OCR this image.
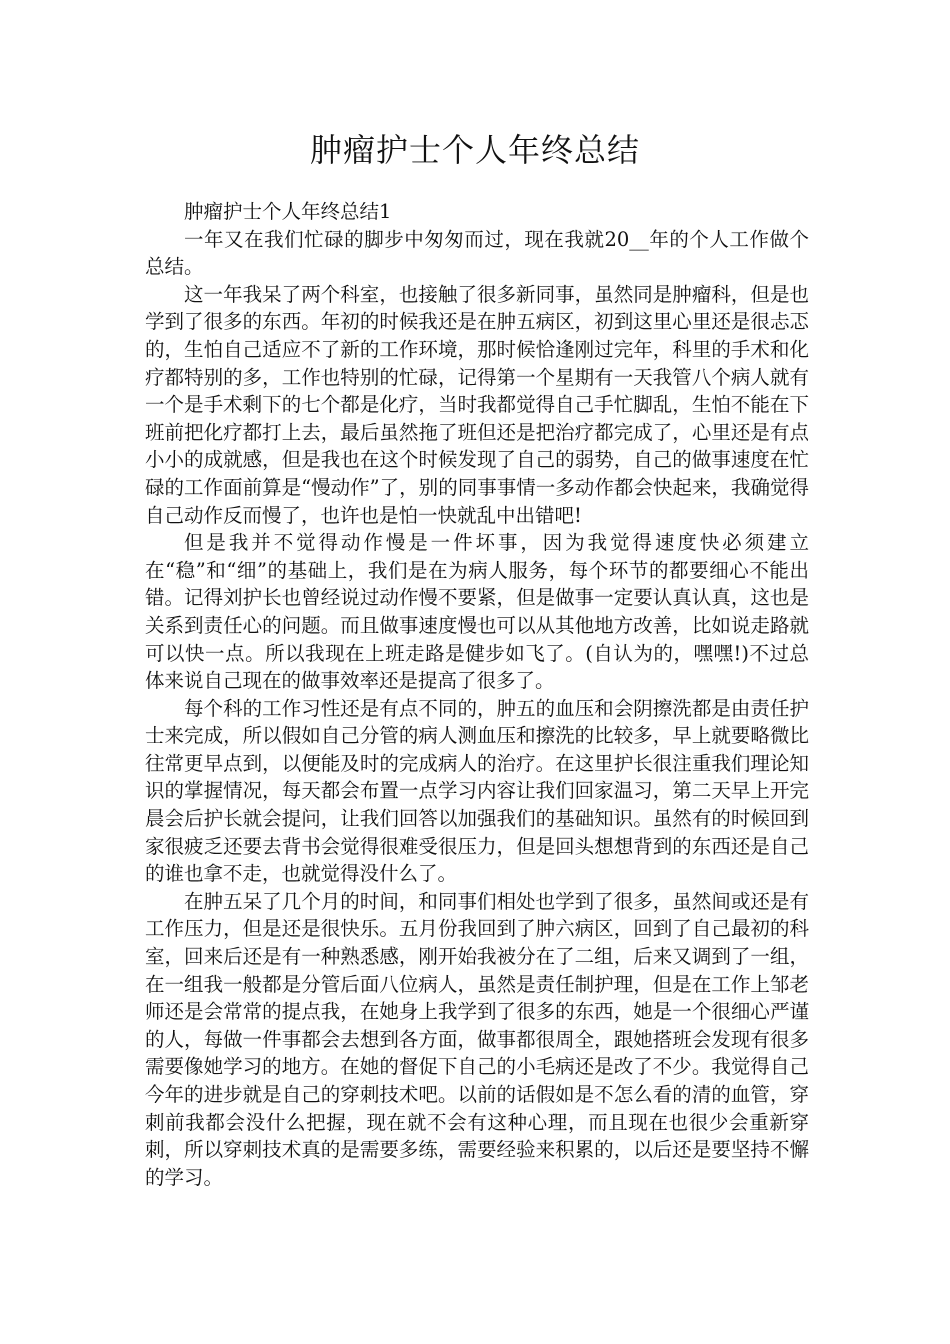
肿瘤护士个人年终总结

肿瘤护士个人年终总结1

一年又在我们忙碌的脚步中匆匆而过，现在我就20__年的个人工作做个总结。

这一年我呆了两个科室，也接触了很多新同事，虽然同是肿瘤科，但是也学到了很多的东西。年初的时候我还是在肿五病区，初到这里心里还是很忐忑的，生怕自己适应不了新的工作环境，那时候恰逢刚过完年，科里的手术和化疗都特别的多，工作也特别的忙碌，记得第一个星期有一天我管八个病人就有一个是手术剩下的七个都是化疗，当时我都觉得自己手忙脚乱，生怕不能在下班前把化疗都打上去，最后虽然拖了班但还是把治疗都完成了，心里还是有点小小的成就感，但是我也在这个时候发现了自己的弱势，自己的做事速度在忙碌的工作面前算是“慢动作”了，别的同事事情一多动作都会快起来，我确觉得自己动作反而慢了，也许也是怕一快就乱中出错吧!

但是我并不觉得动作慢是一件坏事，因为我觉得速度快必须建立在“稳”和“细”的基础上，我们是在为病人服务，每个环节的都要细心不能出错。记得刘护长也曾经说过动作慢不要紧，但是做事一定要认真认真，这也是关系到责任心的问题。而且做事速度慢也可以从其他地方改善，比如说走路就可以快一点。所以我现在上班走路是健步如飞了。(自认为的，嘿嘿!)不过总体来说自己现在的做事效率还是提高了很多了。

每个科的工作习性还是有点不同的，肿五的血压和会阴擦洗都是由责任护士来完成，所以假如自己分管的病人测血压和擦洗的比较多，早上就要略微比往常更早点到，以便能及时的完成病人的治疗。在这里护长很注重我们理论知识的掌握情况，每天都会布置一点学习内容让我们回家温习，第二天早上开完晨会后护长就会提问，让我们回答以加强我们的基础知识。虽然有的时候回到家很疲乏还要去背书会觉得很难受很压力，但是回头想想背到的东西还是自己的谁也拿不走，也就觉得没什么了。

在肿五呆了几个月的时间，和同事们相处也学到了很多，虽然间或还是有工作压力，但是还是很快乐。五月份我回到了肿六病区，回到了自己最初的科室，回来后还是有一种熟悉感，刚开始我被分在了二组，后来又调到了一组，在一组我一般都是分管后面八位病人，虽然是责任制护理，但是在工作上邹老师还是会常常的提点我，在她身上我学到了很多的东西，她是一个很细心严谨的人，每做一件事都会去想到各方面，做事都很周全，跟她搭班会发现有很多需要像她学习的地方。在她的督促下自己的小毛病还是改了不少。我觉得自己今年的进步就是自己的穿刺技术吧。以前的话假如是不怎么看的清的血管，穿刺前我都会没什么把握，现在就不会有这种心理，而且现在也很少会重新穿刺，所以穿刺技术真的是需要多练，需要经验来积累的，以后还是要坚持不懈的学习。
